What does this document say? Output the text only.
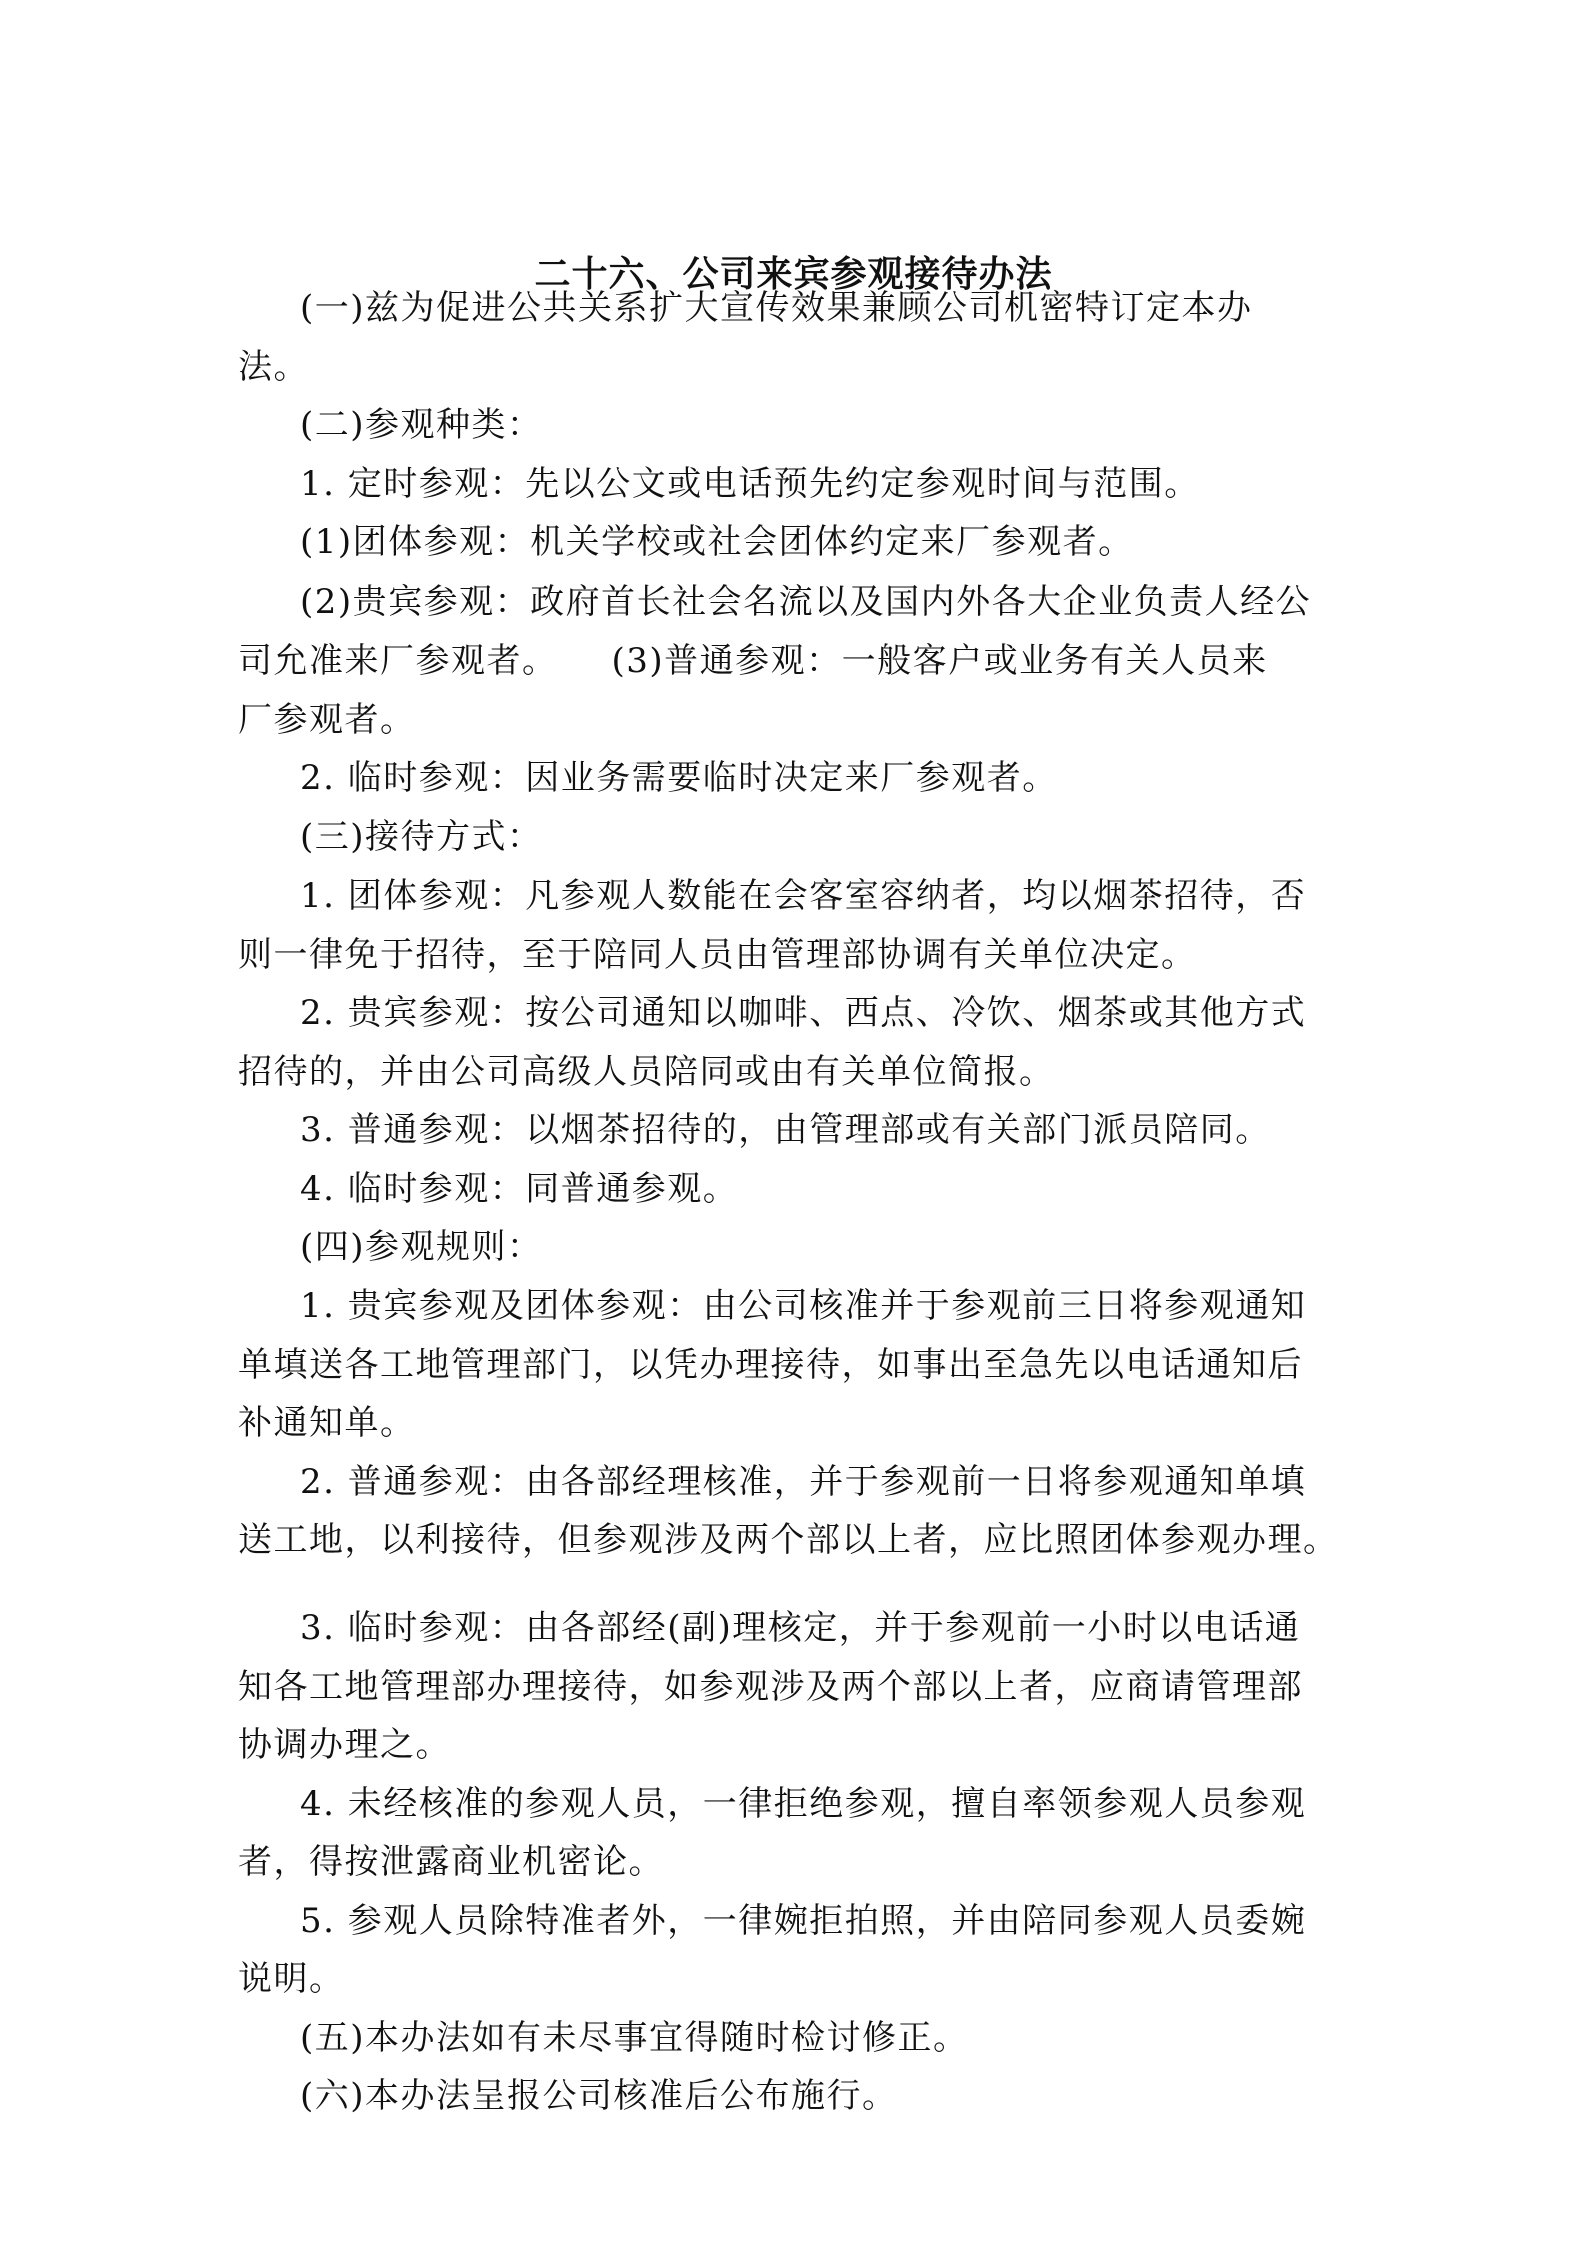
二十六、公司来宾参观接待办法
(一)兹为促进公共关系扩大宣传效果兼顾公司机密特订定本办
法。
(二)参观种类：
1. 定时参观：先以公文或电话预先约定参观时间与范围。
(1)团体参观：机关学校或社会团体约定来厂参观者。
(2)贵宾参观：政府首长社会名流以及国内外各大企业负责人经公
司允准来厂参观者。　　(3)普通参观：一般客户或业务有关人员来
厂参观者。
2. 临时参观：因业务需要临时决定来厂参观者。
(三)接待方式：
1. 团体参观：凡参观人数能在会客室容纳者，均以烟茶招待，否
则一律免于招待，至于陪同人员由管理部协调有关单位决定。
2. 贵宾参观：按公司通知以咖啡、西点、冷饮、烟茶或其他方式
招待的，并由公司高级人员陪同或由有关单位简报。
3. 普通参观：以烟茶招待的，由管理部或有关部门派员陪同。
4. 临时参观：同普通参观。
(四)参观规则：
1. 贵宾参观及团体参观：由公司核准并于参观前三日将参观通知
单填送各工地管理部门，以凭办理接待，如事出至急先以电话通知后
补通知单。
2. 普通参观：由各部经理核准，并于参观前一日将参观通知单填
送工地，以利接待，但参观涉及两个部以上者，应比照团体参观办理。
3. 临时参观：由各部经(副)理核定，并于参观前一小时以电话通
知各工地管理部办理接待，如参观涉及两个部以上者，应商请管理部
协调办理之。
4. 未经核准的参观人员，一律拒绝参观，擅自率领参观人员参观
者，得按泄露商业机密论。
5. 参观人员除特准者外，一律婉拒拍照，并由陪同参观人员委婉
说明。
(五)本办法如有未尽事宜得随时检讨修正。
(六)本办法呈报公司核准后公布施行。
